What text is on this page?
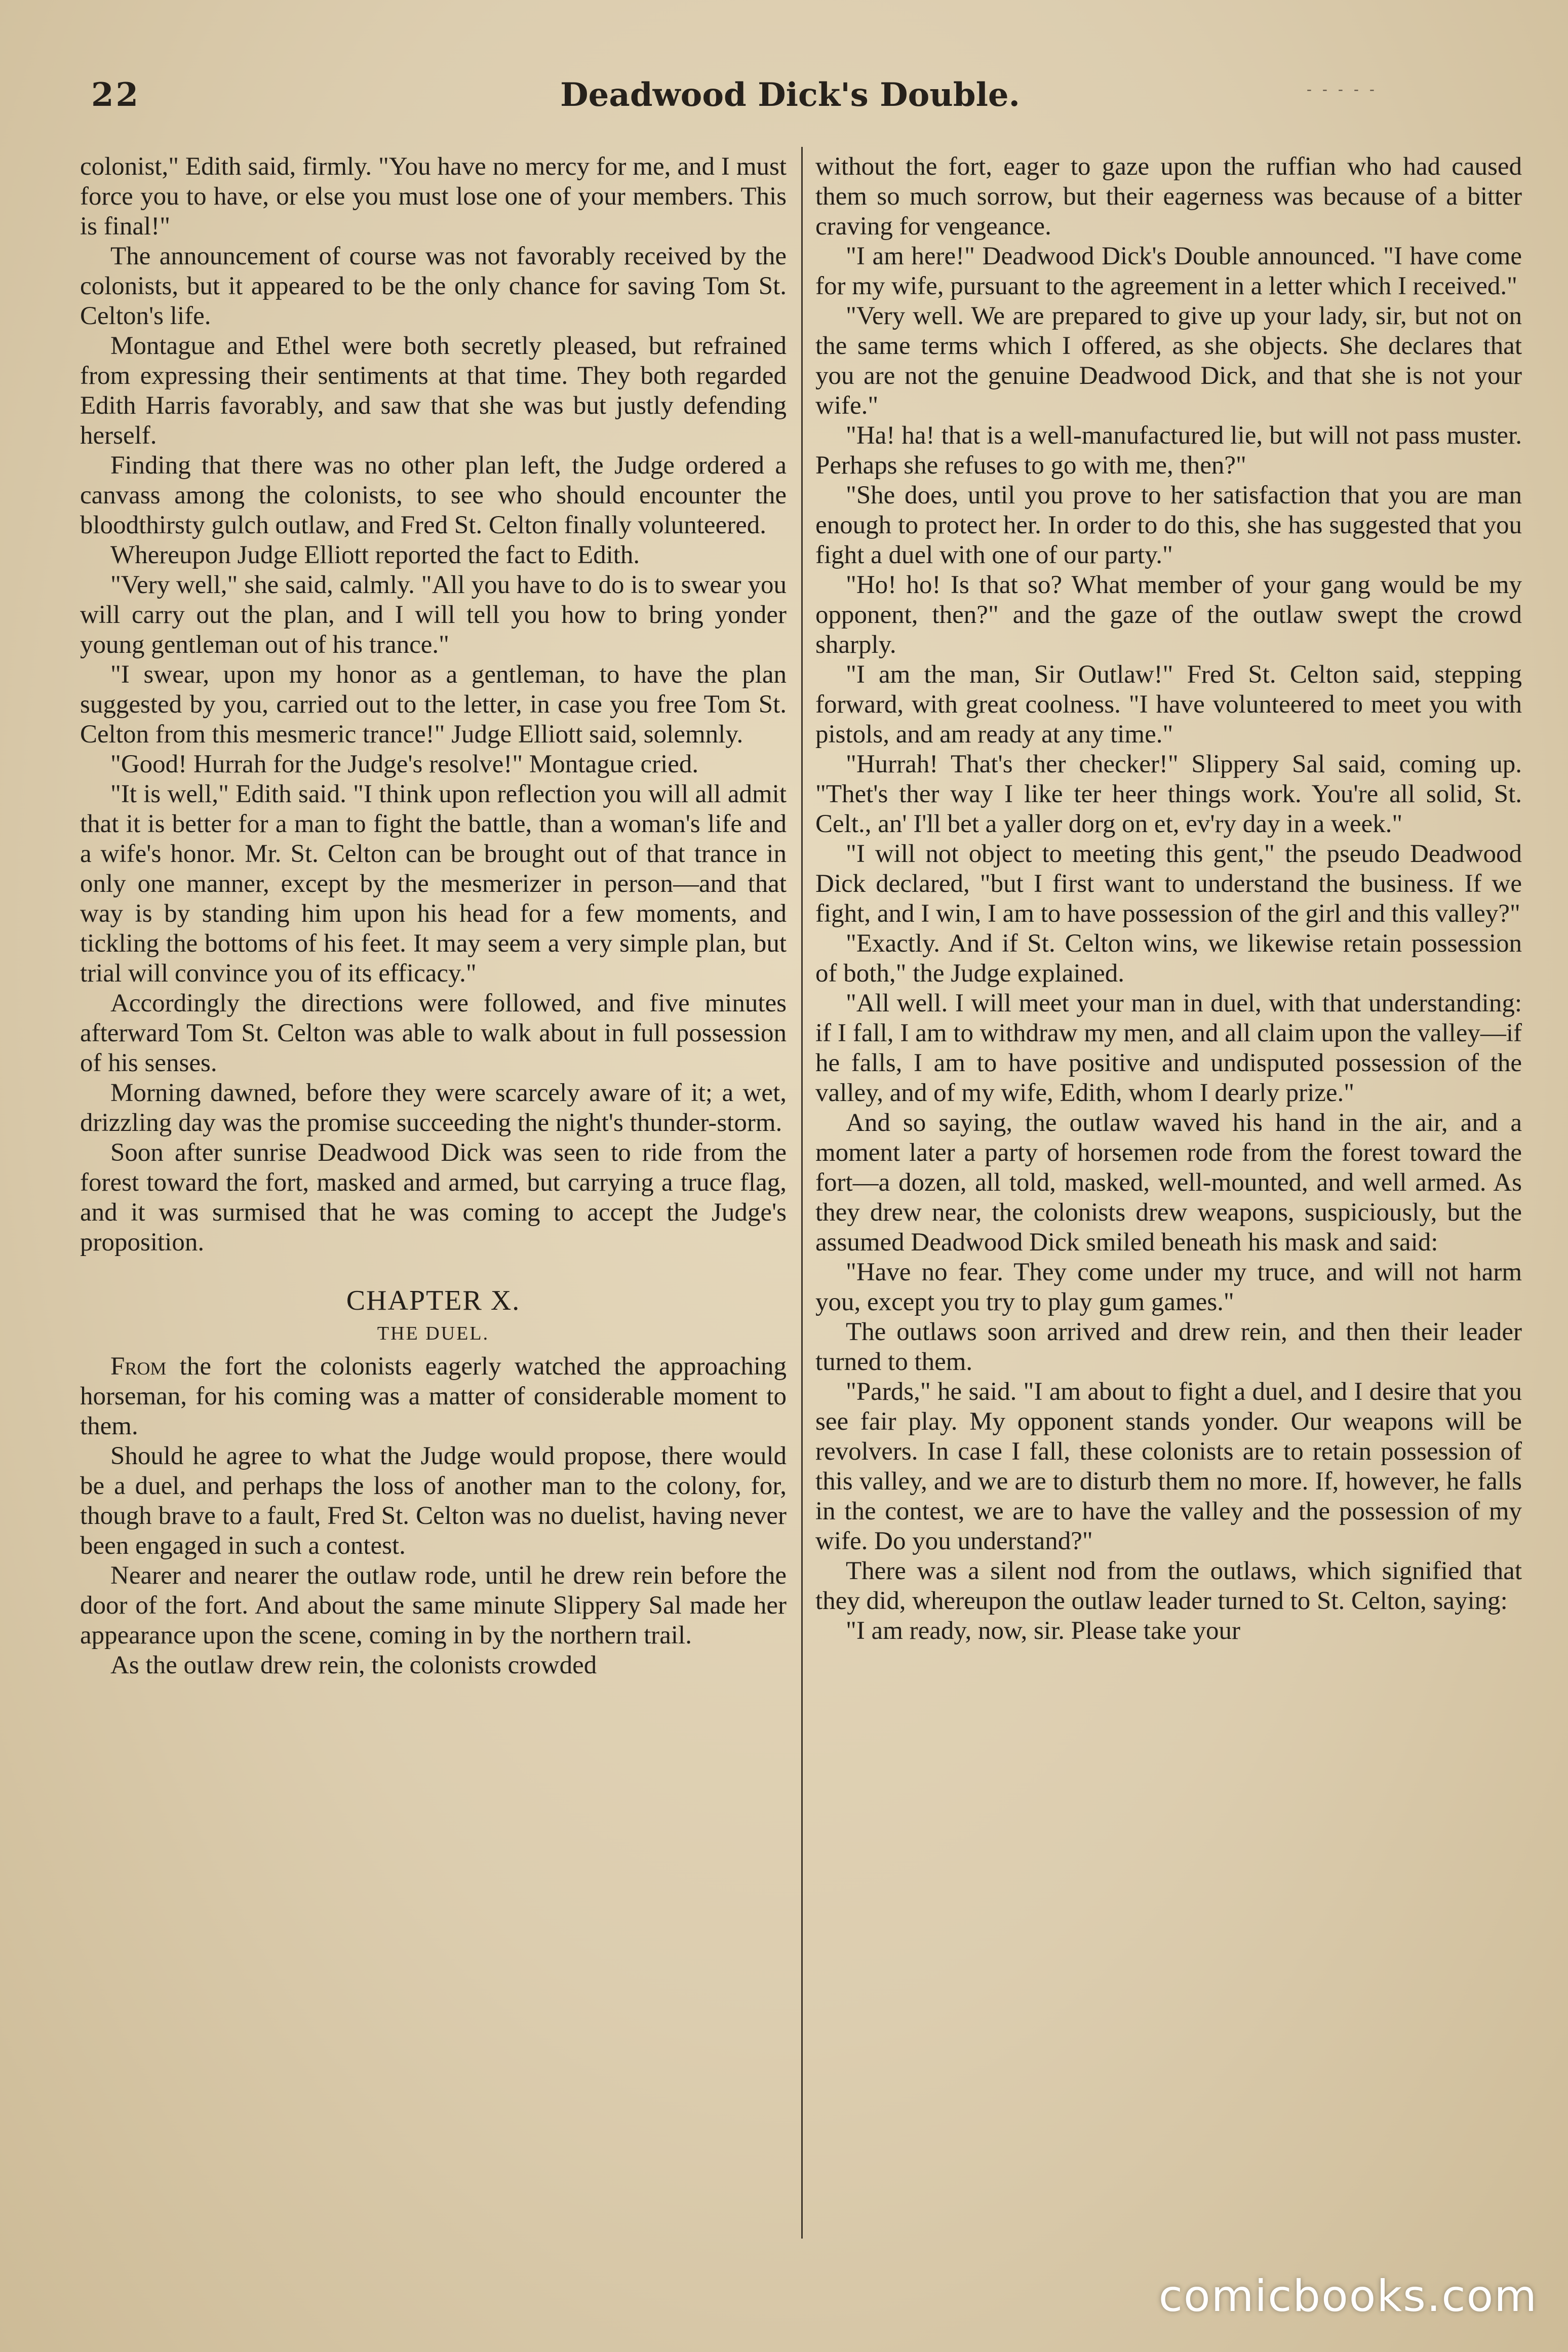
22	Deadwood Dick's Double.	- - - - -

colonist," Edith said, firmly. "You have no mercy for me, and I must force you to have, or else you must lose one of your members. This is final!"

The announcement of course was not favorably received by the colonists, but it appeared to be the only chance for saving Tom St. Celton's life.

Montague and Ethel were both secretly pleased, but refrained from expressing their sentiments at that time. They both regarded Edith Harris favorably, and saw that she was but justly defending herself.

Finding that there was no other plan left, the Judge ordered a canvass among the colonists, to see who should encounter the bloodthirsty gulch outlaw, and Fred St. Celton finally volunteered.

Whereupon Judge Elliott reported the fact to Edith.

"Very well," she said, calmly. "All you have to do is to swear you will carry out the plan, and I will tell you how to bring yonder young gentleman out of his trance."

"I swear, upon my honor as a gentleman, to have the plan suggested by you, carried out to the letter, in case you free Tom St. Celton from this mesmeric trance!" Judge Elliott said, solemnly.

"Good! Hurrah for the Judge's resolve!" Montague cried.

"It is well," Edith said. "I think upon reflection you will all admit that it is better for a man to fight the battle, than a woman's life and a wife's honor. Mr. St. Celton can be brought out of that trance in only one manner, except by the mesmerizer in person—and that way is by standing him upon his head for a few moments, and tickling the bottoms of his feet. It may seem a very simple plan, but trial will convince you of its efficacy."

Accordingly the directions were followed, and five minutes afterward Tom St. Celton was able to walk about in full possession of his senses.

Morning dawned, before they were scarcely aware of it; a wet, drizzling day was the promise succeeding the night's thunder-storm.

Soon after sunrise Deadwood Dick was seen to ride from the forest toward the fort, masked and armed, but carrying a truce flag, and it was surmised that he was coming to accept the Judge's proposition.

CHAPTER X.
THE DUEL.

From the fort the colonists eagerly watched the approaching horseman, for his coming was a matter of considerable moment to them.

Should he agree to what the Judge would propose, there would be a duel, and perhaps the loss of another man to the colony, for, though brave to a fault, Fred St. Celton was no duelist, having never been engaged in such a contest.

Nearer and nearer the outlaw rode, until he drew rein before the door of the fort. And about the same minute Slippery Sal made her appearance upon the scene, coming in by the northern trail.

As the outlaw drew rein, the colonists crowded

without the fort, eager to gaze upon the ruffian who had caused them so much sorrow, but their eagerness was because of a bitter craving for vengeance.

"I am here!" Deadwood Dick's Double announced. "I have come for my wife, pursuant to the agreement in a letter which I received."

"Very well. We are prepared to give up your lady, sir, but not on the same terms which I offered, as she objects. She declares that you are not the genuine Deadwood Dick, and that she is not your wife."

"Ha! ha! that is a well-manufactured lie, but will not pass muster. Perhaps she refuses to go with me, then?"

"She does, until you prove to her satisfaction that you are man enough to protect her. In order to do this, she has suggested that you fight a duel with one of our party."

"Ho! ho! Is that so? What member of your gang would be my opponent, then?" and the gaze of the outlaw swept the crowd sharply.

"I am the man, Sir Outlaw!" Fred St. Celton said, stepping forward, with great coolness. "I have volunteered to meet you with pistols, and am ready at any time."

"Hurrah! That's ther checker!" Slippery Sal said, coming up. "Thet's ther way I like ter heer things work. You're all solid, St. Celt., an' I'll bet a yaller dorg on et, ev'ry day in a week."

"I will not object to meeting this gent," the pseudo Deadwood Dick declared, "but I first want to understand the business. If we fight, and I win, I am to have possession of the girl and this valley?"

"Exactly. And if St. Celton wins, we likewise retain possession of both," the Judge explained.

"All well. I will meet your man in duel, with that understanding: if I fall, I am to withdraw my men, and all claim upon the valley—if he falls, I am to have positive and undisputed possession of the valley, and of my wife, Edith, whom I dearly prize."

And so saying, the outlaw waved his hand in the air, and a moment later a party of horsemen rode from the forest toward the fort—a dozen, all told, masked, well-mounted, and well armed. As they drew near, the colonists drew weapons, suspiciously, but the assumed Deadwood Dick smiled beneath his mask and said:

"Have no fear. They come under my truce, and will not harm you, except you try to play gum games."

The outlaws soon arrived and drew rein, and then their leader turned to them.

"Pards," he said. "I am about to fight a duel, and I desire that you see fair play. My opponent stands yonder. Our weapons will be revolvers. In case I fall, these colonists are to retain possession of this valley, and we are to disturb them no more. If, however, he falls in the contest, we are to have the valley and the possession of my wife. Do you understand?"

There was a silent nod from the outlaws, which signified that they did, whereupon the outlaw leader turned to St. Celton, saying:

"I am ready, now, sir. Please take your

comicbooks.com
